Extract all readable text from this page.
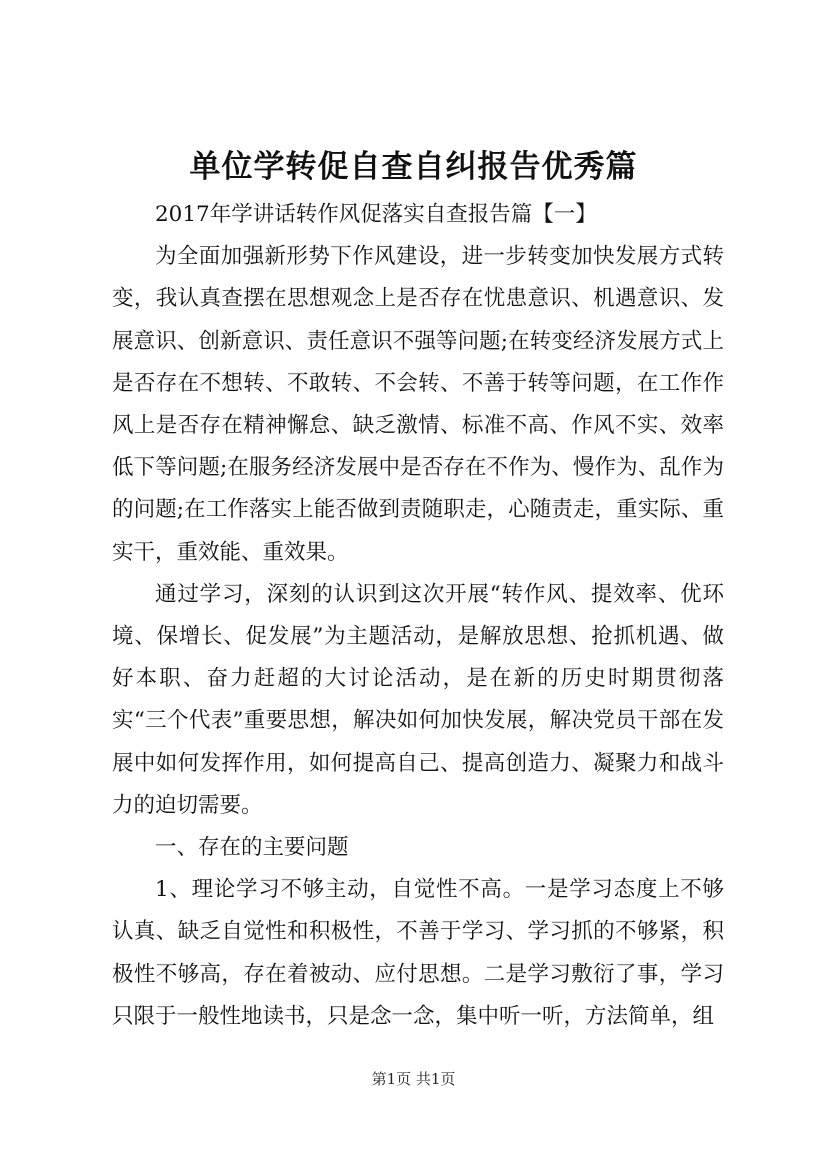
单位学转促自查自纠报告优秀篇

2017年学讲话转作风促落实自查报告篇【一】

为全面加强新形势下作风建设，进一步转变加快发展方式转变，我认真查摆在思想观念上是否存在忧患意识、机遇意识、发展意识、创新意识、责任意识不强等问题;在转变经济发展方式上是否存在不想转、不敢转、不会转、不善于转等问题，在工作作风上是否存在精神懈怠、缺乏激情、标准不高、作风不实、效率低下等问题;在服务经济发展中是否存在不作为、慢作为、乱作为的问题;在工作落实上能否做到责随职走，心随责走，重实际、重实干，重效能、重效果。

通过学习，深刻的认识到这次开展“转作风、提效率、优环境、保增长、促发展”为主题活动，是解放思想、抢抓机遇、做好本职、奋力赶超的大讨论活动，是在新的历史时期贯彻落实“三个代表”重要思想，解决如何加快发展，解决党员干部在发展中如何发挥作用，如何提高自己、提高创造力、凝聚力和战斗力的迫切需要。

一、存在的主要问题

1、理论学习不够主动，自觉性不高。一是学习态度上不够认真、缺乏自觉性和积极性，不善于学习、学习抓的不够紧，积极性不够高，存在着被动、应付思想。二是学习敷衍了事，学习只限于一般性地读书，只是念一念，集中听一听，方法简单，组

第1页 共1页
